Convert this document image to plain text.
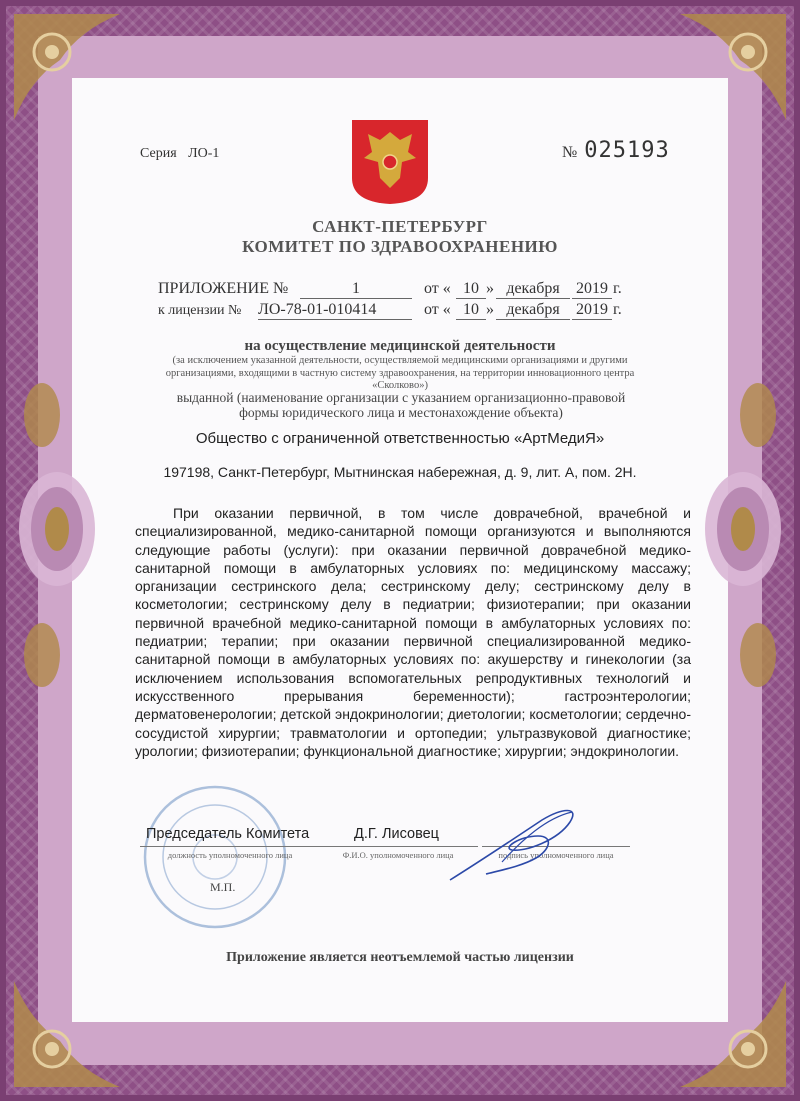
Серия ЛО-1	№ 025193
САНКТ-ПЕТЕРБУРГ
КОМИТЕТ ПО ЗДРАВООХРАНЕНИЮ
ПРИЛОЖЕНИЕ №	1	от « 10 » декабря	2019 г.
к лицензии № ЛО-78-01-010414	от « 10 » декабря	2019 г.
на осуществление медицинской деятельности
(за исключением указанной деятельности, осуществляемой медицинскими организациями и другими организациями, входящими в частную систему здравоохранения, на территории инновационного центра «Сколково»)
выданной (наименование организации с указанием организационно-правовой формы юридического лица и местонахождение объекта)
Общество с ограниченной ответственностью «АртМедиЯ»
197198, Санкт-Петербург, Мытнинская набережная, д. 9, лит. А, пом. 2Н.
При оказании первичной, в том числе доврачебной, врачебной и специализированной, медико-санитарной помощи организуются и выполняются следующие работы (услуги): при оказании первичной доврачебной медико-санитарной помощи в амбулаторных условиях по: медицинскому массажу; организации сестринского дела; сестринскому делу; сестринскому делу в косметологии; сестринскому делу в педиатрии; физиотерапии; при оказании первичной врачебной медико-санитарной помощи в амбулаторных условиях по: педиатрии; терапии; при оказании первичной специализированной медико-санитарной помощи в амбулаторных условиях по: акушерству и гинекологии (за исключением использования вспомогательных репродуктивных технологий и искусственного прерывания беременности); гастроэнтерологии; дерматовенерологии; детской эндокринологии; диетологии; косметологии; сердечно-сосудистой хирургии; травматологии и ортопедии; ультразвуковой диагностике; урологии; физиотерапии; функциональной диагностике; хирургии; эндокринологии.
Председатель Комитета	Д.Г. Лисовец
должность уполномоченного лица	Ф.И.О. уполномоченного лица	подпись уполномоченного лица
М.П.
Приложение является неотъемлемой частью лицензии
